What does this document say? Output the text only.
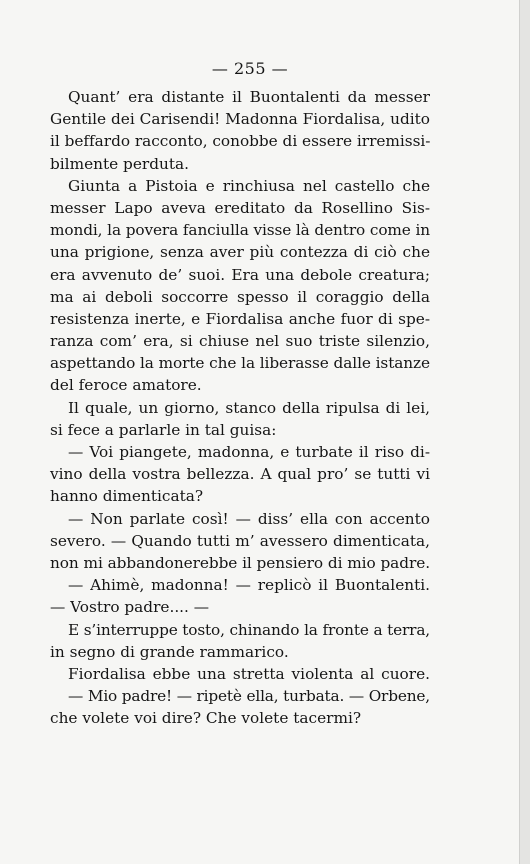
— 255 —
Quant’ era distante il Buontalenti da messer
Gentile dei Carisendi! Madonna Fiordalisa, udito
il beffardo racconto, conobbe di essere irremissi-
bilmente perduta.
Giunta a Pistoia e rinchiusa nel castello che
messer Lapo aveva ereditato da Rosellino Sis-
mondi, la povera fanciulla visse là dentro come in
una prigione, senza aver più contezza di ciò che
era avvenuto de’ suoi. Era una debole creatura;
ma ai deboli soccorre spesso il coraggio della
resistenza inerte, e Fiordalisa anche fuor di spe-
ranza com’ era, si chiuse nel suo triste silenzio,
aspettando la morte che la liberasse dalle istanze
del feroce amatore.
Il quale, un giorno, stanco della ripulsa di lei,
si fece a parlarle in tal guisa:
— Voi piangete, madonna, e turbate il riso di-
vino della vostra bellezza. A qual pro’ se tutti vi
hanno dimenticata?
— Non parlate così! — diss’ ella con accento
severo. — Quando tutti m’ avessero dimenticata,
non mi abbandonerebbe il pensiero di mio padre.
— Ahimè, madonna! — replicò il Buontalenti.
— Vostro padre.... —
E s’interruppe tosto, chinando la fronte a terra,
in segno di grande rammarico.
Fiordalisa ebbe una stretta violenta al cuore.
— Mio padre! — ripetè ella, turbata. — Orbene,
che volete voi dire? Che volete tacermi?
